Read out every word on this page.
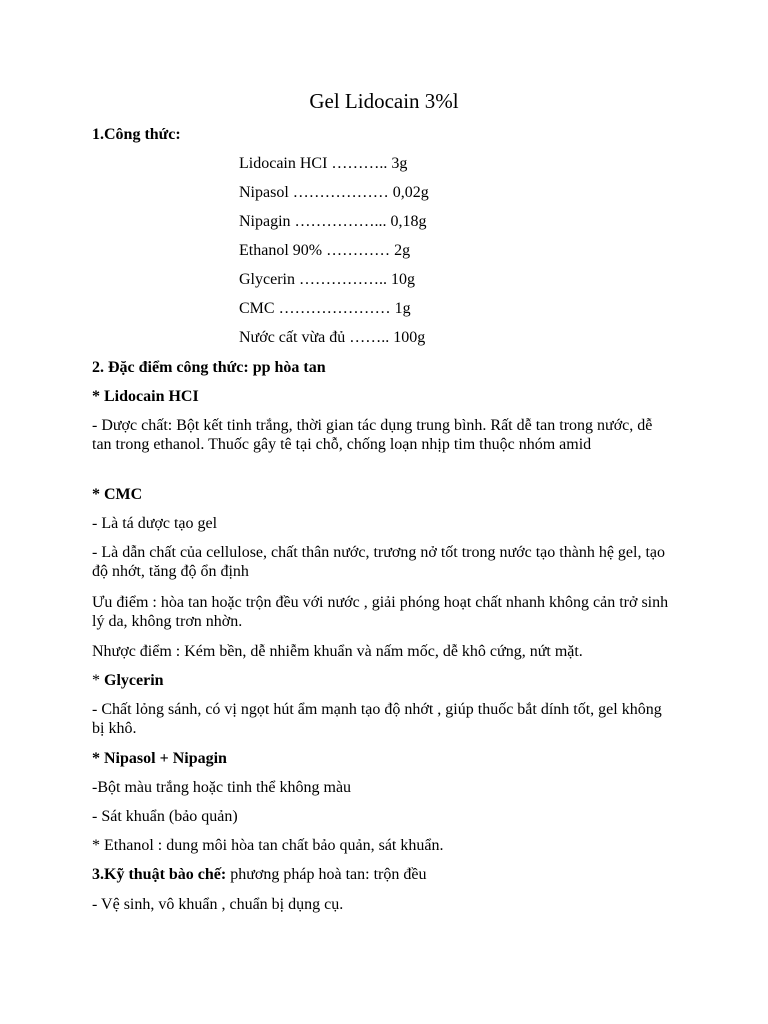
Gel Lidocain 3%l
1.Công thức:
Lidocain HCI ……….. 3g
Nipasol ……………… 0,02g
Nipagin ……………... 0,18g
Ethanol 90% ………… 2g
Glycerin …………….. 10g
CMC ………………… 1g
Nước cất vừa đủ …….. 100g
2. Đặc điểm công thức: pp hòa tan
* Lidocain HCI
- Dược chất: Bột kết tinh trắng, thời gian tác dụng trung bình. Rất dễ tan trong nước, dễ tan trong ethanol. Thuốc gây tê tại chỗ, chống loạn nhịp tim thuộc nhóm amid
* CMC
- Là tá dược tạo gel
- Là dẫn chất của cellulose, chất thân nước, trương nở tốt trong nước tạo thành hệ gel, tạo độ nhớt, tăng độ ổn định
Ưu điểm : hòa tan hoặc trộn đều với nước , giải phóng hoạt chất nhanh không cản trở sinh lý da, không trơn nhờn.
Nhược điểm : Kém bền, dễ nhiễm khuẩn và nấm mốc, dễ khô cứng, nứt mặt.
* Glycerin
- Chất lỏng sánh, có vị ngọt hút ẩm mạnh tạo độ nhớt , giúp thuốc bắt dính tốt, gel không bị khô.
* Nipasol + Nipagin
-Bột màu trắng hoặc tinh thể không màu
- Sát khuẩn (bảo quản)
* Ethanol : dung môi hòa tan chất bảo quản, sát khuẩn.
3.Kỹ thuật bào chế: phương pháp hoà tan: trộn đều
- Vệ sinh, vô khuẩn , chuẩn bị dụng cụ.
